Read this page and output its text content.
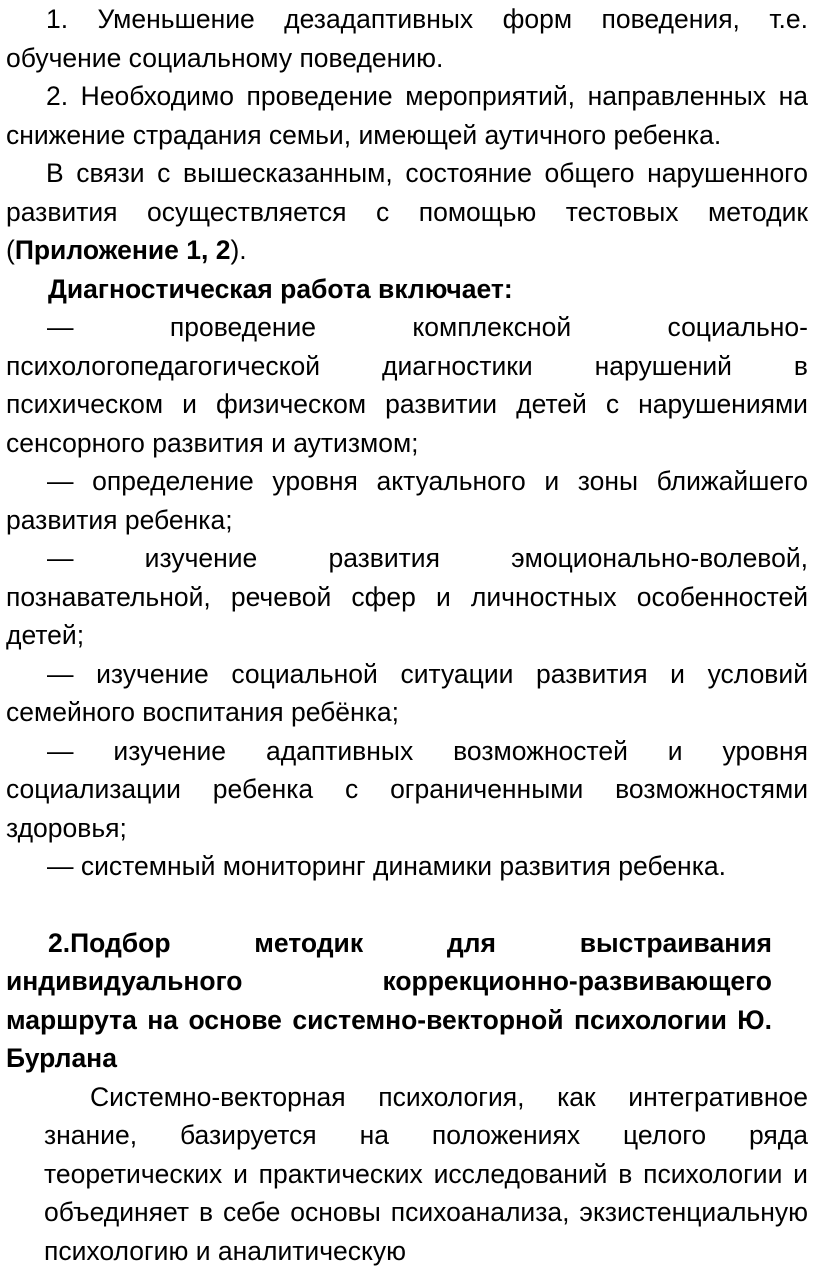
1. Уменьшение дезадаптивных форм поведения, т.е. обучение социальному поведению.

2. Необходимо проведение мероприятий, направленных на снижение страдания семьи, имеющей аутичного ребенка.

В связи с вышесказанным, состояние общего нарушенного развития осуществляется с помощью тестовых методик (Приложение 1, 2).

Диагностическая работа включает:

— проведение комплексной социально-психологопедагогической диагностики нарушений в психическом и физическом развитии детей с нарушениями сенсорного развития и аутизмом;

— определение уровня актуального и зоны ближайшего развития ребенка;

— изучение развития эмоционально-волевой, познавательной, речевой сфер и личностных особенностей детей;

— изучение социальной ситуации развития и условий семейного воспитания ребёнка;

— изучение адаптивных возможностей и уровня социализации ребенка с ограниченными возможностями здоровья;

— системный мониторинг динамики развития ребенка.

2.Подбор методик для выстраивания индивидуального коррекционно-развивающего маршрута на основе системно-векторной психологии Ю. Бурлана

Системно-векторная психология, как интегративное знание, базируется на положениях целого ряда теоретических и практических исследований в психологии и объединяет в себе основы психоанализа, экзистенциальную психологию и аналитическую
